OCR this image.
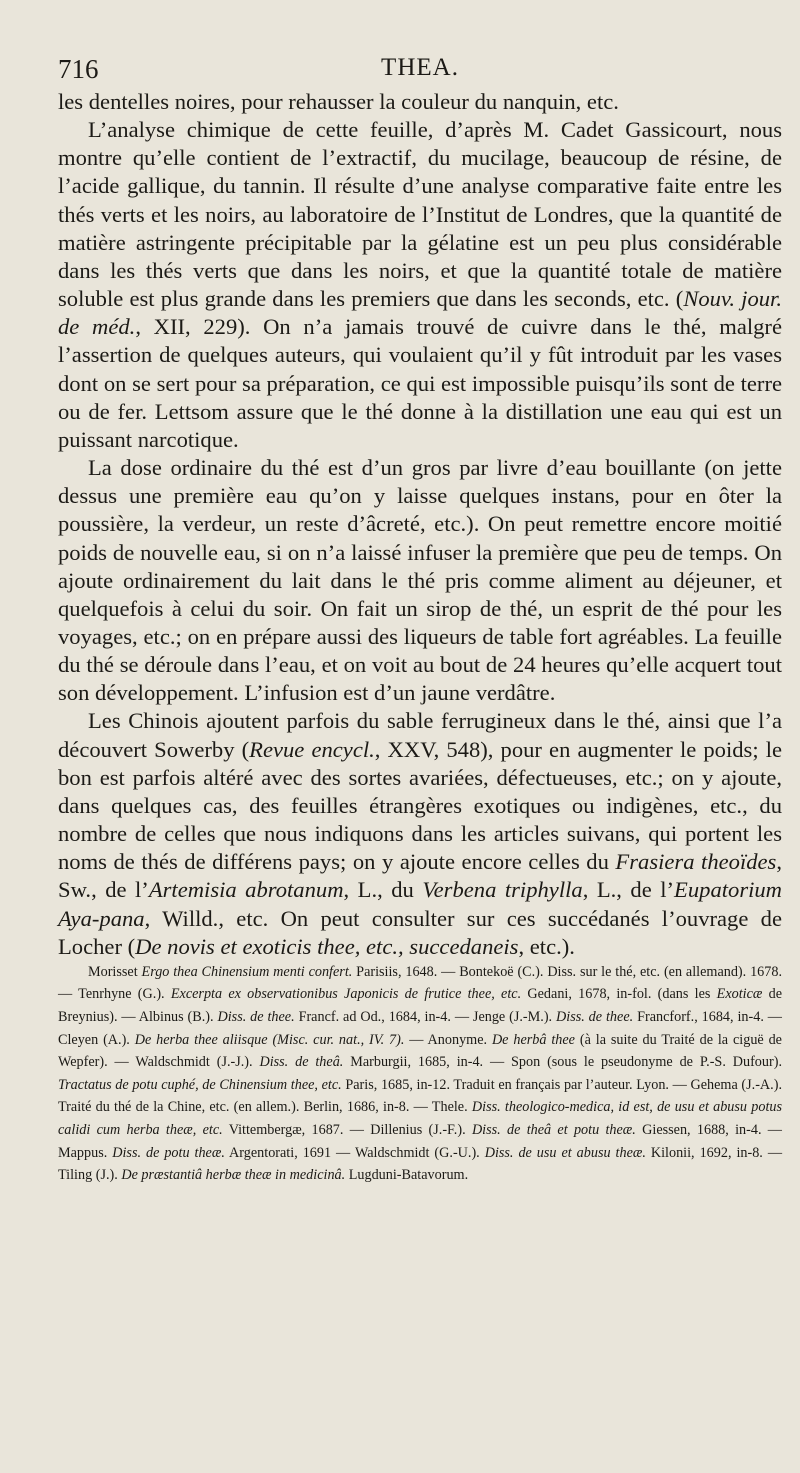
716	THEA.

les dentelles noires, pour rehausser la couleur du nanquin, etc.

L’analyse chimique de cette feuille, d’après M. Cadet Gassicourt, nous montre qu’elle contient de l’extractif, du mucilage, beaucoup de résine, de l’acide gallique, du tannin. Il résulte d’une analyse comparative faite entre les thés verts et les noirs, au laboratoire de l’Institut de Londres, que la quantité de matière astringente précipitable par la gélatine est un peu plus considérable dans les thés verts que dans les noirs, et que la quantité totale de matière soluble est plus grande dans les premiers que dans les seconds, etc. (Nouv. jour. de méd., XII, 229). On n’a jamais trouvé de cuivre dans le thé, malgré l’assertion de quelques auteurs, qui voulaient qu’il y fût introduit par les vases dont on se sert pour sa préparation, ce qui est impossible puisqu’ils sont de terre ou de fer. Lettsom assure que le thé donne à la distillation une eau qui est un puissant narcotique.

La dose ordinaire du thé est d’un gros par livre d’eau bouillante (on jette dessus une première eau qu’on y laisse quelques instans, pour en ôter la poussière, la verdeur, un reste d’âcreté, etc.). On peut remettre encore moitié poids de nouvelle eau, si on n’a laissé infuser la première que peu de temps. On ajoute ordinairement du lait dans le thé pris comme aliment au déjeuner, et quelquefois à celui du soir. On fait un sirop de thé, un esprit de thé pour les voyages, etc.; on en prépare aussi des liqueurs de table fort agréables. La feuille du thé se déroule dans l’eau, et on voit au bout de 24 heures qu’elle acquert tout son développement. L’infusion est d’un jaune verdâtre.

Les Chinois ajoutent parfois du sable ferrugineux dans le thé, ainsi que l’a découvert Sowerby (Revue encycl., XXV, 548), pour en augmenter le poids; le bon est parfois altéré avec des sortes avariées, défectueuses, etc.; on y ajoute, dans quelques cas, des feuilles étrangères exotiques ou indigènes, etc., du nombre de celles que nous indiquons dans les articles suivans, qui portent les noms de thés de différens pays; on y ajoute encore celles du Frasiera theoïdes, Sw., de l’Artemisia abrotanum, L., du Verbena triphylla, L., de l’Eupatorium Aya-pana, Willd., etc. On peut consulter sur ces succédanés l’ouvrage de Locher (De novis et exoticis thee, etc., succedaneis, etc.).

Morisset Ergo thea Chinensium menti confert. Parisiis, 1648. — Bontekoë (C.). Diss. sur le thé, etc. (en allemand). 1678. — Tenrhyne (G.). Excerpta ex observationibus Japonicis de frutice thee, etc. Gedani, 1678, in-fol. (dans les Exoticæ de Breynius). — Albinus (B.). Diss. de thee. Francf. ad Od., 1684, in-4. — Jenge (J.-M.). Diss. de thee. Francforf., 1684, in-4. — Cleyen (A.). De herba thee aliisque (Misc. cur. nat., IV. 7). — Anonyme. De herbâ thee (à la suite du Traité de la ciguë de Wepfer). — Waldschmidt (J.-J.). Diss. de theâ. Marburgii, 1685, in-4. — Spon (sous le pseudonyme de P.-S. Dufour). Tractatus de potu cuphé, de Chinensium thee, etc. Paris, 1685, in-12. Traduit en français par l’auteur. Lyon. — Gehema (J.-A.). Traité du thé de la Chine, etc. (en allem.). Berlin, 1686, in-8. — Thele. Diss. theologico-medica, id est, de usu et abusu potus calidi cum herba theæ, etc. Vittembergæ, 1687. — Dillenius (J.-F.). Diss. de theâ et potu theæ. Giessen, 1688, in-4. — Mappus. Diss. de potu theæ. Argentorati, 1691 — Waldschmidt (G.-U.). Diss. de usu et abusu theæ. Kilonii, 1692, in-8. — Tiling (J.). De præstantiâ herbæ theæ in medicinâ. Lugduni-Batavorum.
